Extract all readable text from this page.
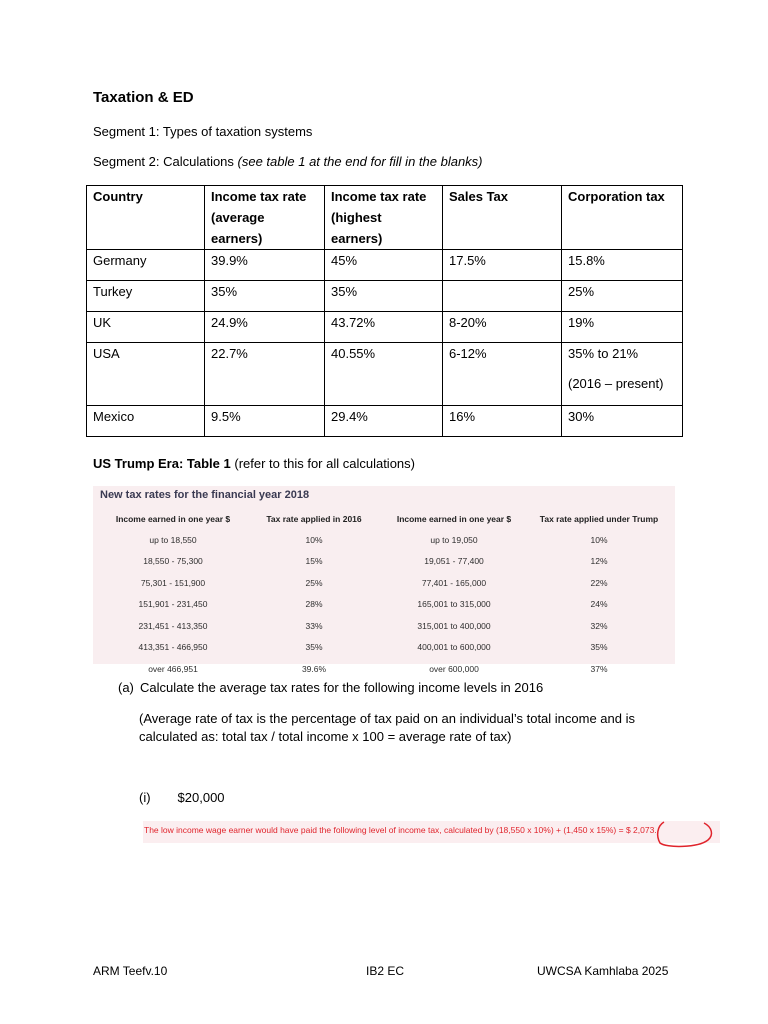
Taxation & ED
Segment 1: Types of taxation systems
Segment 2: Calculations (see table 1 at the end for fill in the blanks)
Country	Income tax rate (average earners)	Income tax rate (highest earners)	Sales Tax	Corporation tax
Germany	39.9%	45%	17.5%	15.8%
Turkey	35%	35%		25%
UK	24.9%	43.72%	8-20%	19%
USA	22.7%	40.55%	6-12%	35% to 21%
(2016 – present)

Mexico	9.5%	29.4%	16%	30%
US Trump Era: Table 1 (refer to this for all calculations)
New tax rates for the financial year 2018
Income earned in one year $	Tax rate applied in 2016	Income earned in one year $	Tax rate applied under Trump
up to 18,550	10%	up to 19,050	10%
18,550 - 75,300	15%	19,051 - 77,400	12%
75,301 - 151,900	25%	77,401 - 165,000	22%
151,901 - 231,450	28%	165,001 to 315,000	24%
231,451 - 413,350	33%	315,001 to 400,000	32%
413,351 - 466,950	35%	400,001 to 600,000	35%
over 466,951	39.6%	over 600,000	37%
(a) Calculate the average tax rates for the following income levels in 2016
(Average rate of tax is the percentage of tax paid on an individual’s total income and is calculated as: total tax / total income x 100 = average rate of tax)
(i) $20,000
The low income wage earner would have paid the following level of income tax, calculated by (18,550 x 10%) + (1,450 x 15%) = $ 2,073.
ARM Teefv.10	IB2 EC	UWCSA Kamhlaba 2025
